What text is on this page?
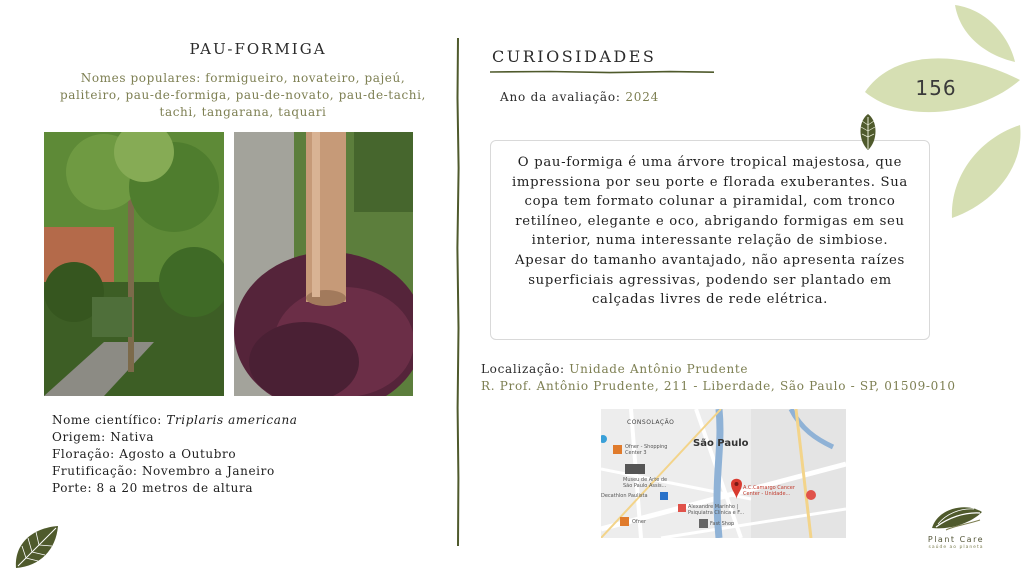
PAU-FORMIGA
Nomes populares: formigueiro, novateiro, pajeú, paliteiro, pau-de-formiga, pau-de-novato, pau-de-tachi, tachi, tangarana, taquari
Nome científico: Triplaris americana
Origem: Nativa
Floração: Agosto a Outubro
Frutificação: Novembro a Janeiro
Porte: 8 a 20 metros de altura
CURIOSIDADES
Ano da avaliação: 2024
O pau-formiga é uma árvore tropical majestosa, que impressiona por seu porte e florada exuberantes. Sua copa tem formato colunar a piramidal, com tronco retilíneo, elegante e oco, abrigando formigas em seu interior, numa interessante relação de simbiose. Apesar do tamanho avantajado, não apresenta raízes superficiais agressivas, podendo ser plantado em calçadas livres de rede elétrica.
Localização: Unidade Antônio Prudente
R. Prof. Antônio Prudente, 211 - Liberdade, São Paulo - SP, 01509-010
CONSOLAÇÃO
São Paulo
Ofner - Shopping
Center 3
Museu de Arte de
São Paulo Assis...
Decathlon Paulista
A.C.Camargo Cancer
Center - Unidade...
Alexandre Marinho |
Psiquiatra Clínica e F...
Ofner	Fast Shop
156
Plant Care
saúde ao planeta
